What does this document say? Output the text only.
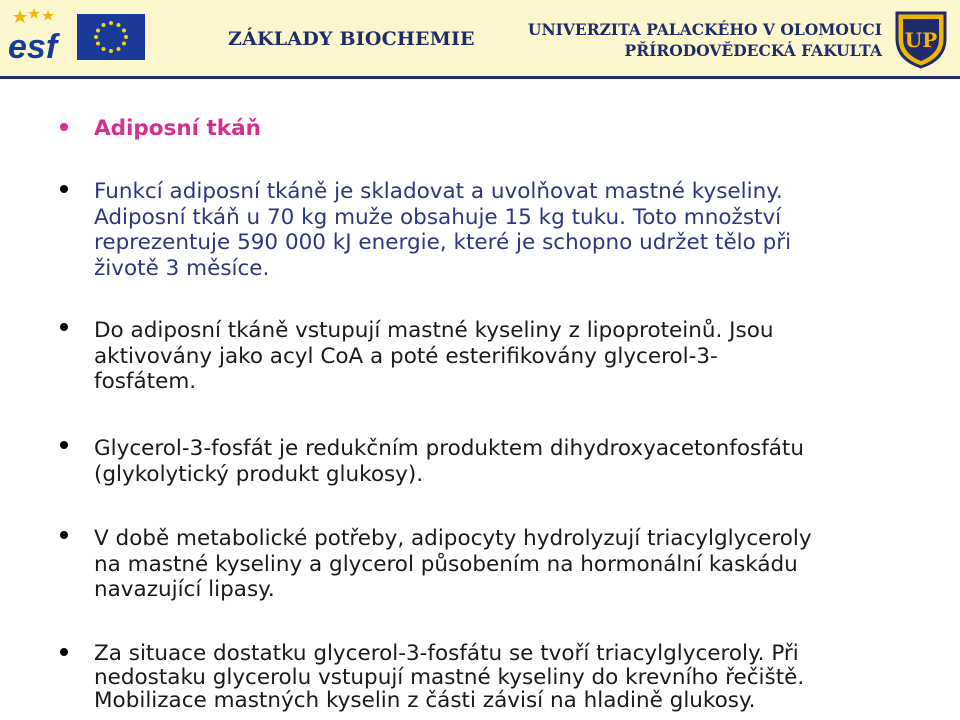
esf	ZÁKLADY BIOCHEMIE	UNIVERZITA PALACKÉHO V OLOMOUCI
PŘÍRODOVĚDECKÁ FAKULTA UP
Adiposní tkáň
Funkcí adiposní tkáně je skladovat a uvolňovat mastné kyseliny.
Adiposní tkáň u 70 kg muže obsahuje 15 kg tuku. Toto množství
reprezentuje 590 000 kJ energie, které je schopno udržet tělo při
životě 3 měsíce.
Do adiposní tkáně vstupují mastné kyseliny z lipoproteinů. Jsou
aktivovány jako acyl CoA a poté esterifikovány glycerol-3-
fosfátem.
Glycerol-3-fosfát je redukčním produktem dihydroxyacetonfosfátu
(glykolytický produkt glukosy).
V době metabolické potřeby, adipocyty hydrolyzují triacylglyceroly
na mastné kyseliny a glycerol působením na hormonální kaskádu
navazující lipasy.
Za situace dostatku glycerol-3-fosfátu se tvoří triacylglyceroly. Při
nedostaku glycerolu vstupují mastné kyseliny do krevního řečiště.
Mobilizace mastných kyselin z části závisí na hladině glukosy.
